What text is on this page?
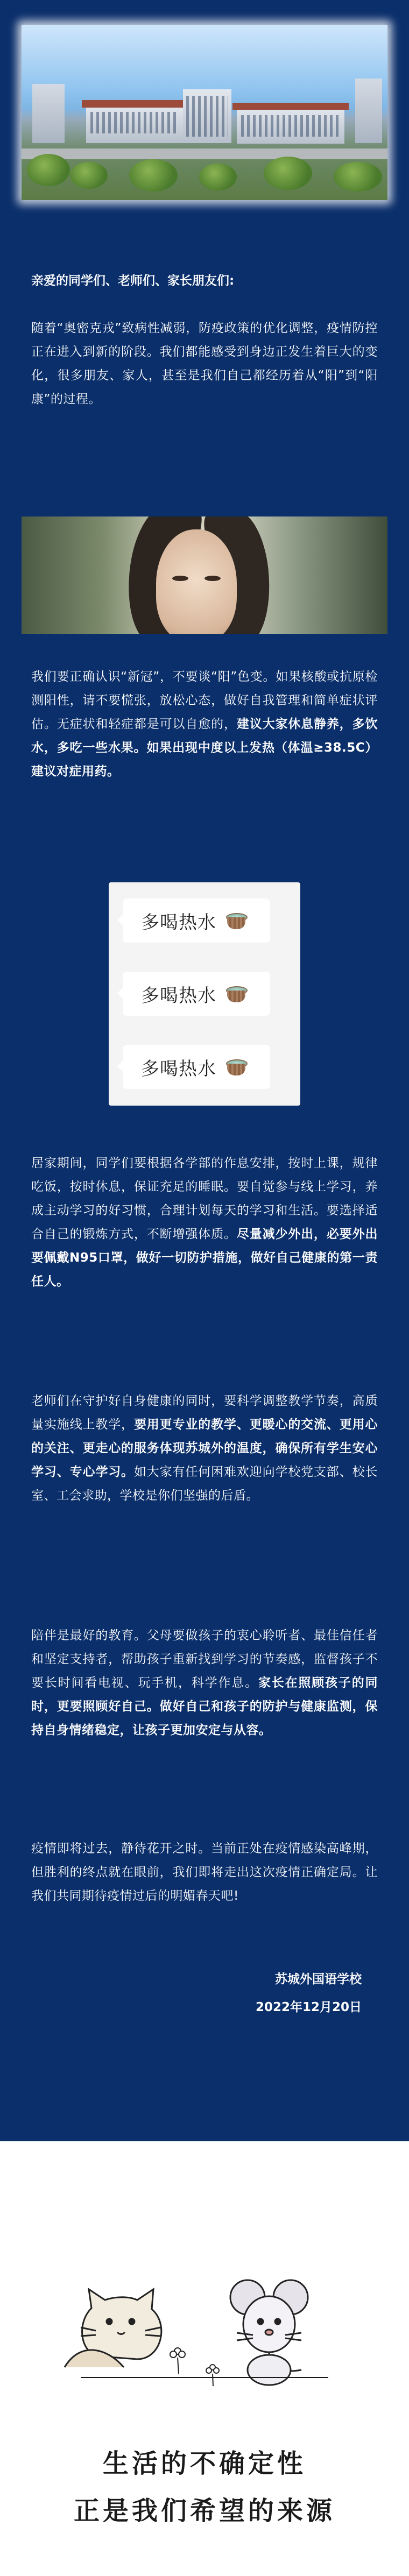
亲爱的同学们、老师们、家长朋友们:
随着“奥密克戎”致病性减弱，防疫政策的优化调整，疫情防控正在进入到新的阶段。我们都能感受到身边正发生着巨大的变化，很多朋友、家人，甚至是我们自己都经历着从“阳”到“阳康”的过程。
我们要正确认识“新冠”，不要谈“阳”色变。如果核酸或抗原检测阳性，请不要慌张，放松心态，做好自我管理和简单症状评估。无症状和轻症都是可以自愈的，建议大家休息静养，多饮水，多吃一些水果。如果出现中度以上发热（体温≥38.5C）建议对症用药。
多喝热水
多喝热水
多喝热水
居家期间，同学们要根据各学部的作息安排，按时上课，规律吃饭，按时休息，保证充足的睡眠。要自觉参与线上学习，养成主动学习的好习惯，合理计划每天的学习和生活。要选择适合自己的锻炼方式，不断增强体质。尽量减少外出，必要外出要佩戴N95口罩，做好一切防护措施，做好自己健康的第一责任人。
老师们在守护好自身健康的同时，要科学调整教学节奏，高质量实施线上教学，要用更专业的教学、更暖心的交流、更用心的关注、更走心的服务体现苏城外的温度，确保所有学生安心学习、专心学习。如大家有任何困难欢迎向学校党支部、校长室、工会求助，学校是你们坚强的后盾。
陪伴是最好的教育。父母要做孩子的衷心聆听者、最佳信任者和坚定支持者，帮助孩子重新找到学习的节奏感，监督孩子不要长时间看电视、玩手机，科学作息。家长在照顾孩子的同时，更要照顾好自己。做好自己和孩子的防护与健康监测，保持自身情绪稳定，让孩子更加安定与从容。
疫情即将过去，静待花开之时。当前正处在疫情感染高峰期，但胜利的终点就在眼前，我们即将走出这次疫情正确定局。让我们共同期待疫情过后的明媚春天吧!
苏城外国语学校
2022年12月20日
生活的不确定性
正是我们希望的来源
